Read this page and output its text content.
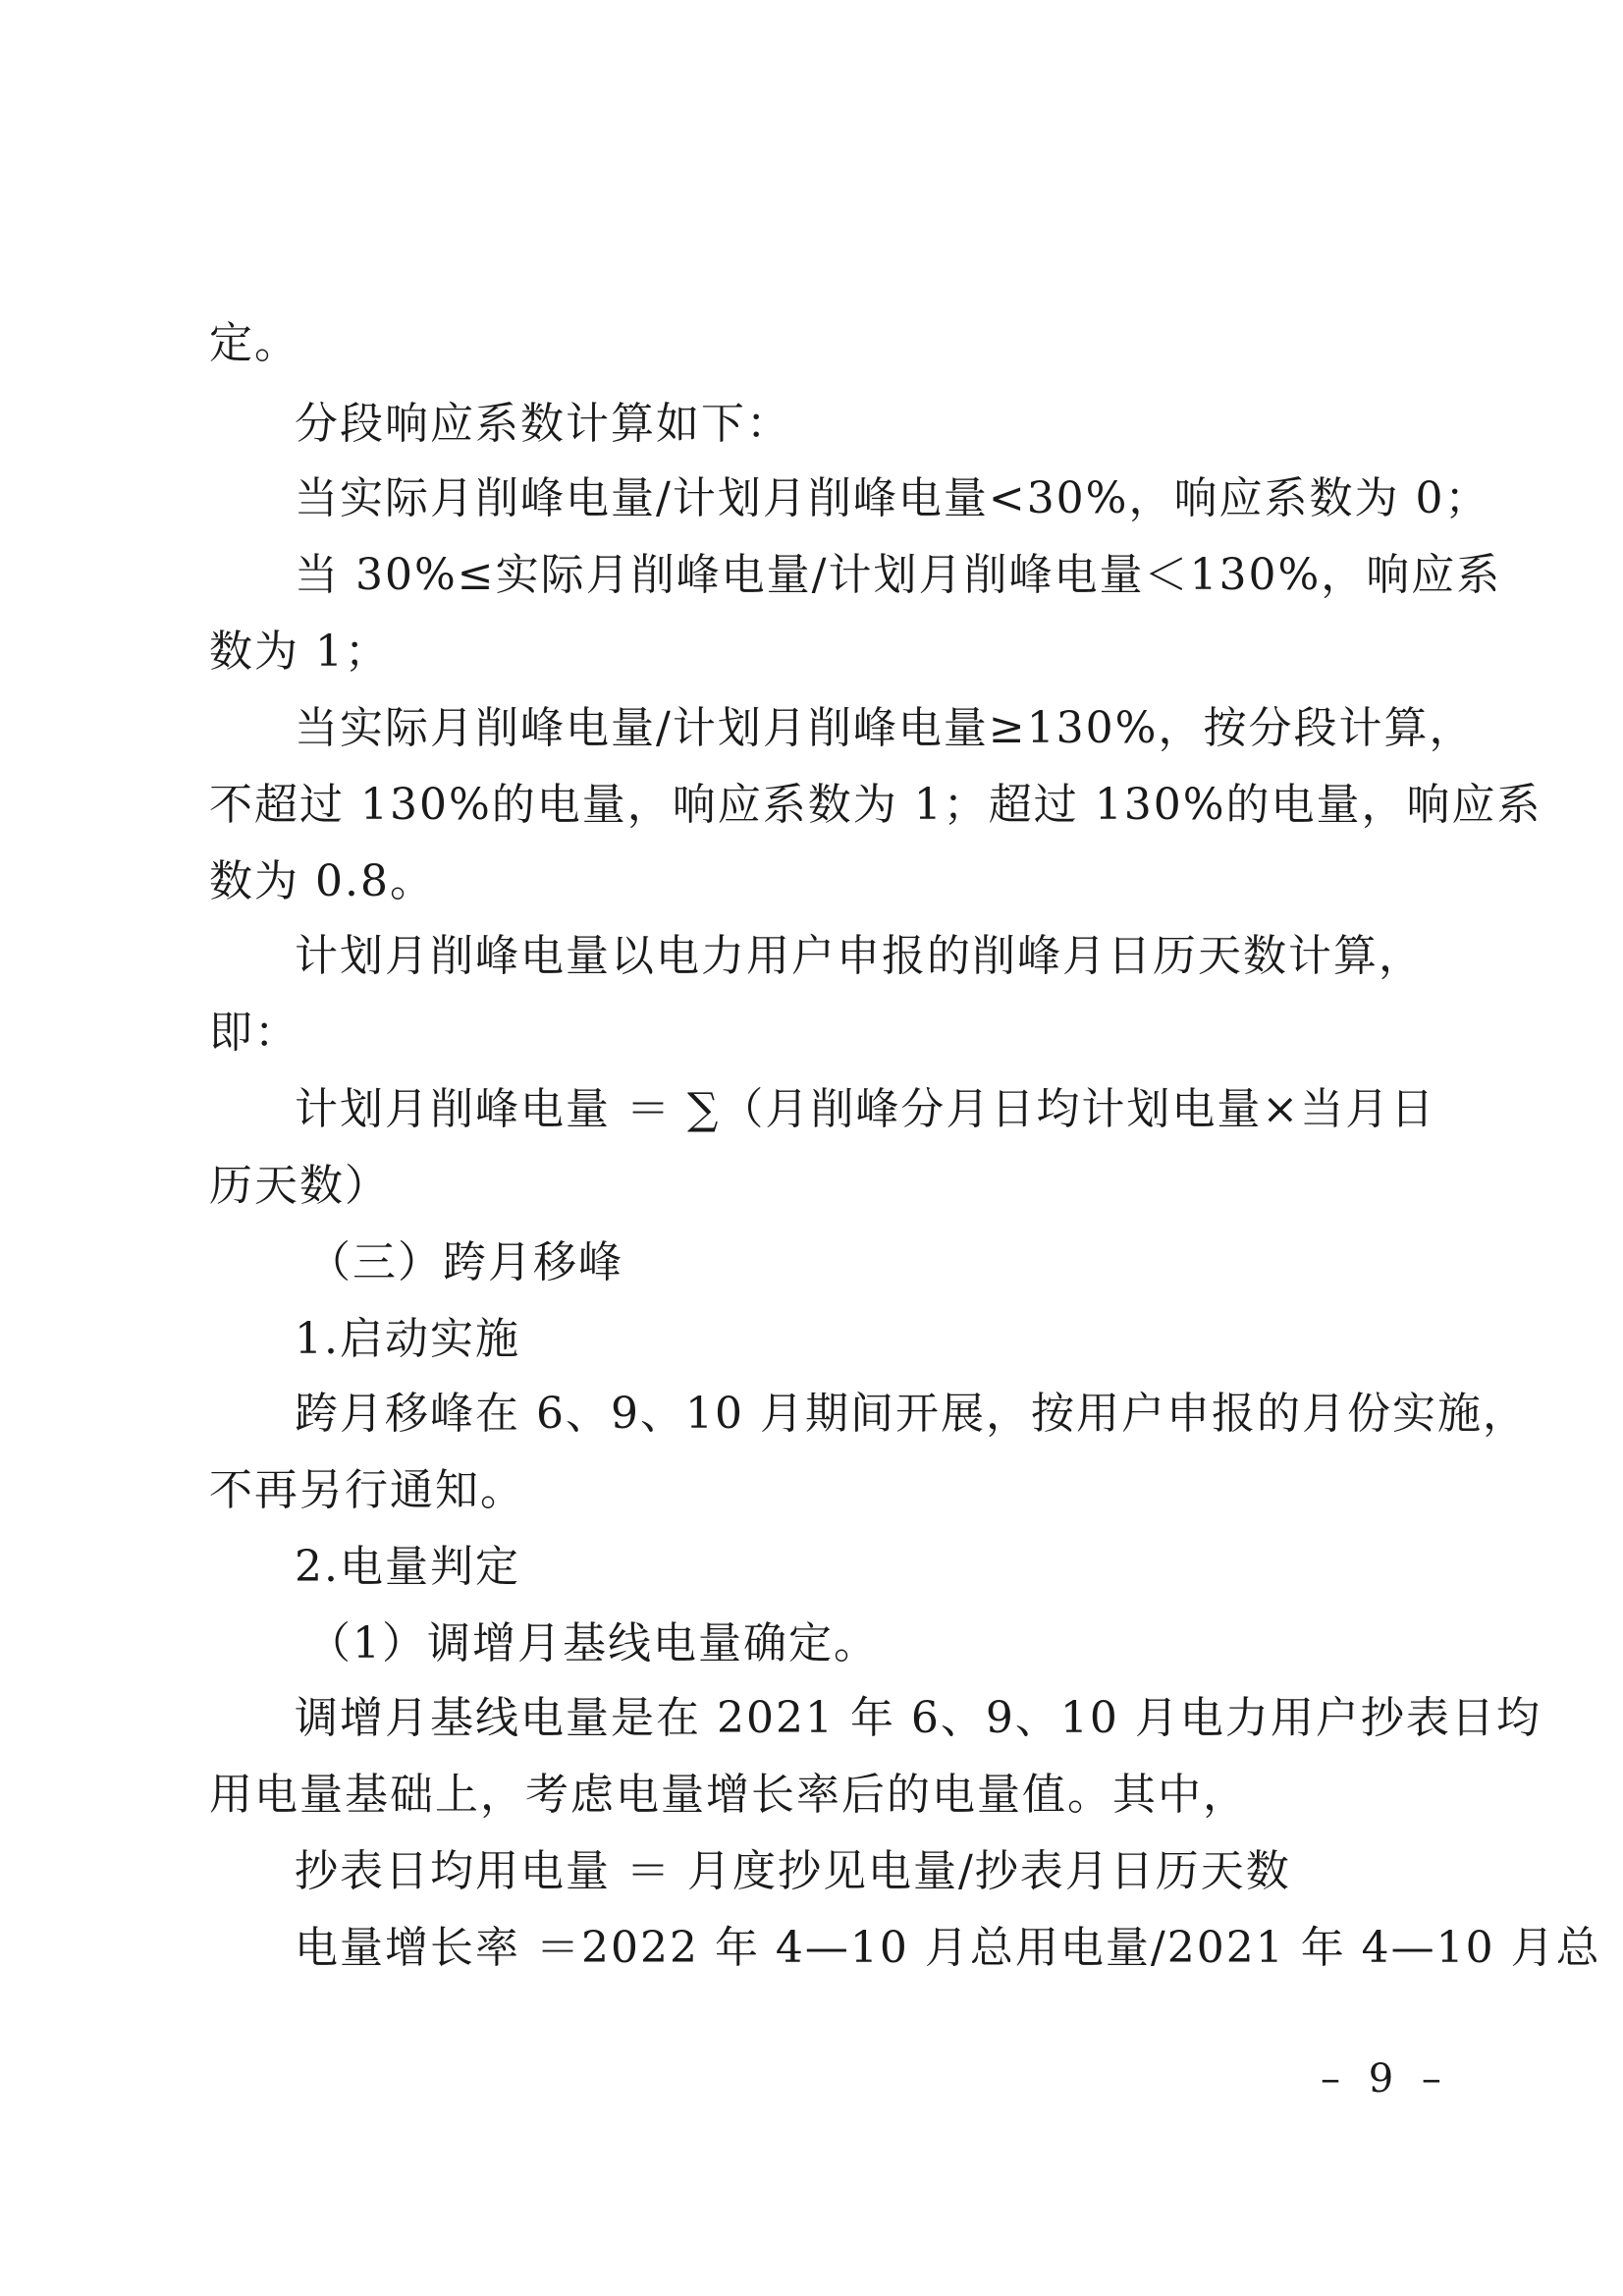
定。
分段响应系数计算如下：
当实际月削峰电量/计划月削峰电量<30%，响应系数为 0；
当 30%≤实际月削峰电量/计划月削峰电量＜130%，响应系
数为 1；
当实际月削峰电量/计划月削峰电量≥130%，按分段计算，
不超过 130%的电量，响应系数为 1；超过 130%的电量，响应系
数为 0.8。
计划月削峰电量以电力用户申报的削峰月日历天数计算，
即：
计划月削峰电量 ＝ ∑（月削峰分月日均计划电量×当月日
历天数）
（三）跨月移峰
1.启动实施
跨月移峰在 6、9、10 月期间开展，按用户申报的月份实施，
不再另行通知。
2.电量判定
（1）调增月基线电量确定。
调增月基线电量是在 2021 年 6、9、10 月电力用户抄表日均
用电量基础上，考虑电量增长率后的电量值。其中，
抄表日均用电量 ＝ 月度抄见电量/抄表月日历天数
电量增长率 ＝2022 年 4—10 月总用电量/2021 年 4—10 月总
– 9 –
